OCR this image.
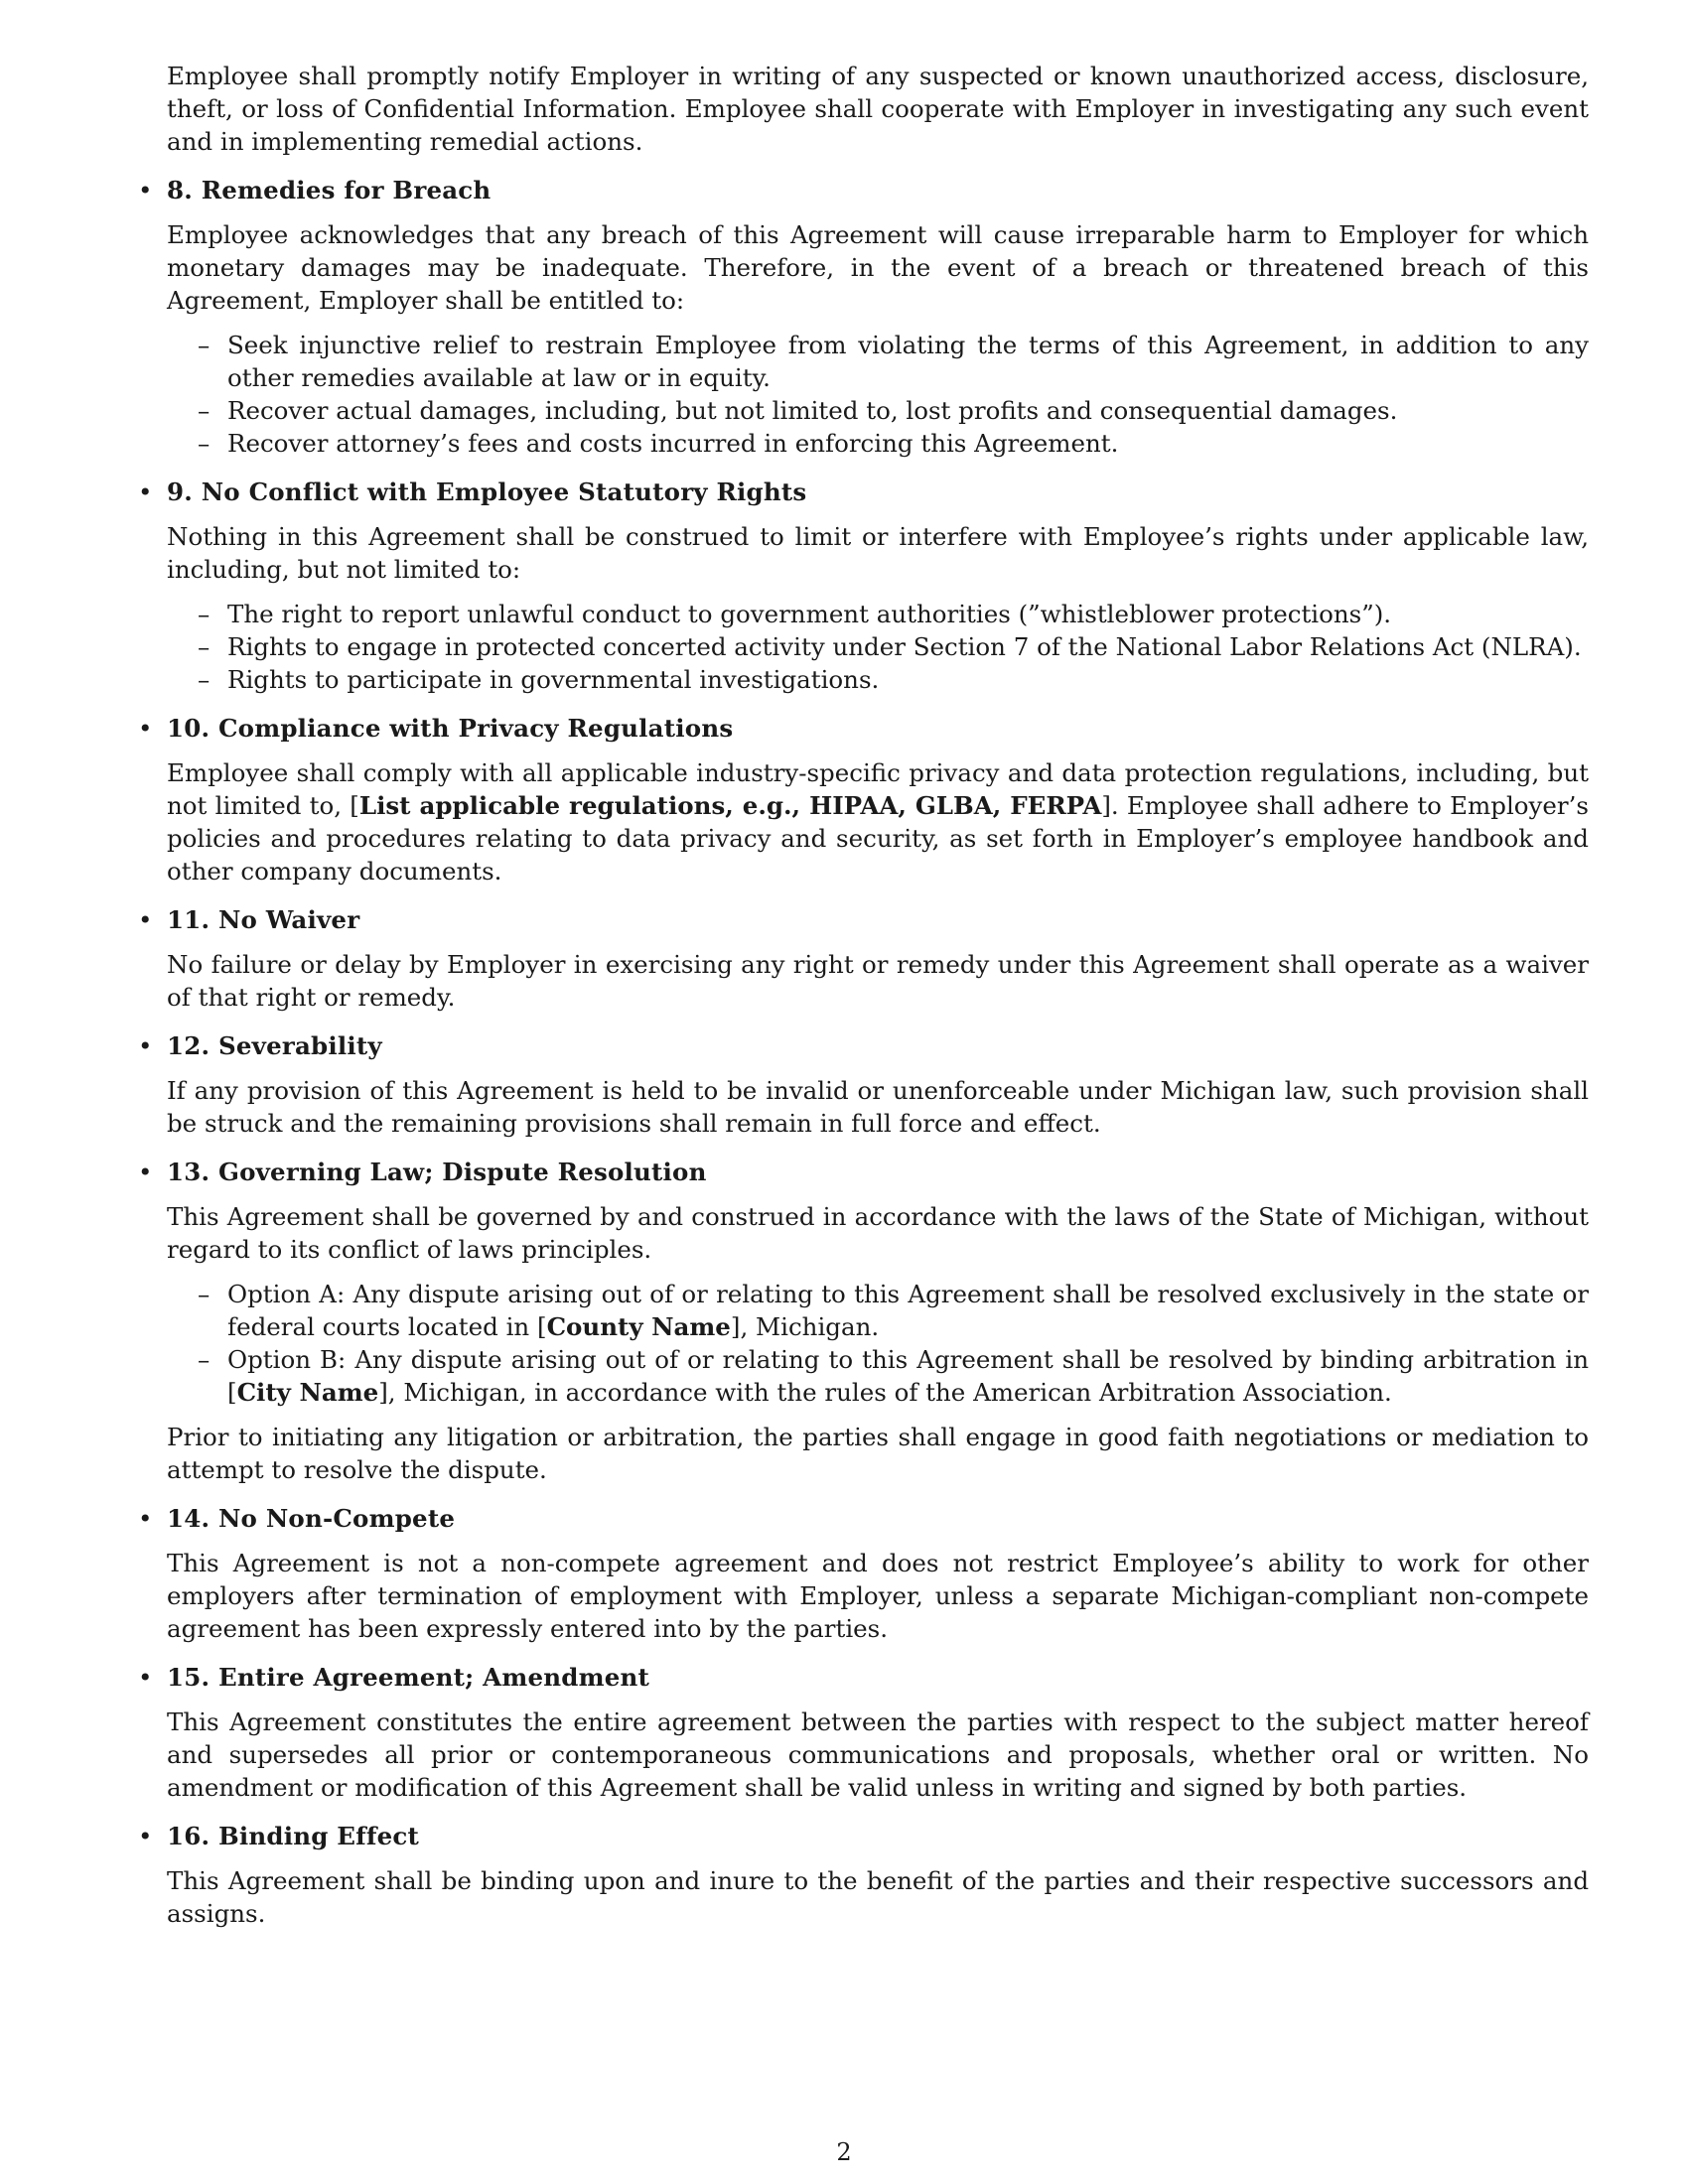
Employee shall promptly notify Employer in writing of any suspected or known unauthorized access, disclosure, theft, or loss of Confidential Information. Employee shall cooperate with Employer in investigating any such event and in implementing remedial actions.

• 8. Remedies for Breach

Employee acknowledges that any breach of this Agreement will cause irreparable harm to Employer for which monetary damages may be inadequate. Therefore, in the event of a breach or threatened breach of this Agreement, Employer shall be entitled to:

– Seek injunctive relief to restrain Employee from violating the terms of this Agreement, in addition to any other remedies available at law or in equity.
– Recover actual damages, including, but not limited to, lost profits and consequential damages.
– Recover attorney’s fees and costs incurred in enforcing this Agreement.
• 9. No Conflict with Employee Statutory Rights

Nothing in this Agreement shall be construed to limit or interfere with Employee’s rights under applicable law, including, but not limited to:

– The right to report unlawful conduct to government authorities (”whistleblower protections”).
– Rights to engage in protected concerted activity under Section 7 of the National Labor Relations Act (NLRA).
– Rights to participate in governmental investigations.
• 10. Compliance with Privacy Regulations

Employee shall comply with all applicable industry-specific privacy and data protection regulations, including, but not limited to, [List applicable regulations, e.g., HIPAA, GLBA, FERPA]. Employee shall adhere to Employer’s policies and procedures relating to data privacy and security, as set forth in Employer’s employee handbook and other company documents.

• 11. No Waiver

No failure or delay by Employer in exercising any right or remedy under this Agreement shall operate as a waiver of that right or remedy.

• 12. Severability

If any provision of this Agreement is held to be invalid or unenforceable under Michigan law, such provision shall be struck and the remaining provisions shall remain in full force and effect.

• 13. Governing Law; Dispute Resolution

This Agreement shall be governed by and construed in accordance with the laws of the State of Michigan, without regard to its conflict of laws principles.

– Option A: Any dispute arising out of or relating to this Agreement shall be resolved exclusively in the state or federal courts located in [County Name], Michigan.
– Option B: Any dispute arising out of or relating to this Agreement shall be resolved by binding arbitration in [City Name], Michigan, in accordance with the rules of the American Arbitration Association.

Prior to initiating any litigation or arbitration, the parties shall engage in good faith negotiations or mediation to attempt to resolve the dispute.

• 14. No Non-Compete

This Agreement is not a non-compete agreement and does not restrict Employee’s ability to work for other employers after termination of employment with Employer, unless a separate Michigan-compliant non-compete agreement has been expressly entered into by the parties.

• 15. Entire Agreement; Amendment

This Agreement constitutes the entire agreement between the parties with respect to the subject matter hereof and supersedes all prior or contemporaneous communications and proposals, whether oral or written. No amendment or modification of this Agreement shall be valid unless in writing and signed by both parties.

• 16. Binding Effect

This Agreement shall be binding upon and inure to the benefit of the parties and their respective successors and assigns.

2
